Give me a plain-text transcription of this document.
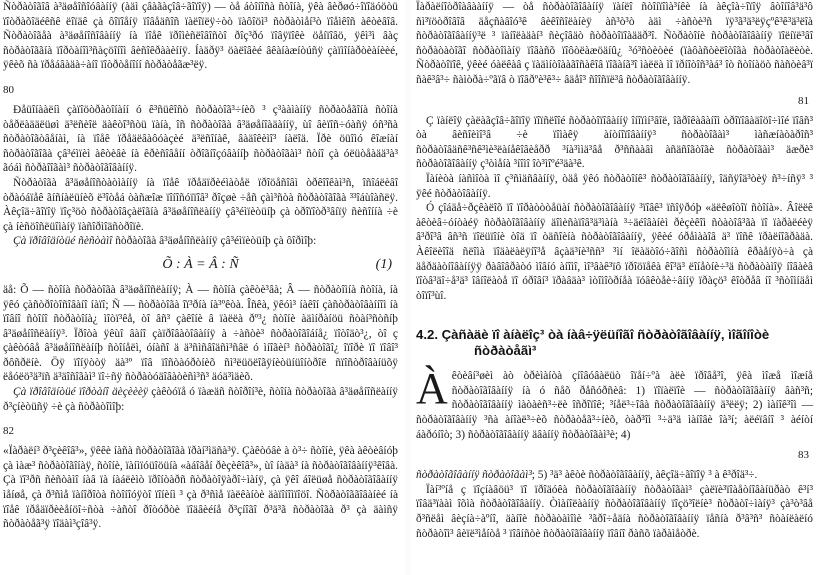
Ñòðàòîãîâ à³äøåîñîóâàííÿ (àäì çâàãàçîâ÷ãîïîÿ) — òå áòîíîñà ñòîíà, ÿêà âèðøó÷îïîäóöòü ïîòðàõîäéêñê ëîïäê çà ôîïîåíÿ ïîâåäñîñ ïàëîïëÿ÷òò ïàôîöì³ ñòðàòìåí³ò ïîåìêîñ àêòèâîâ. Ñòðàòîãåà à³äøåíîñîâàííÿ íà ïîåê ïðîìèñëîâîñòî ðîç³ðó ïîâÿïîêè öåíïîâö, ÿêì³ì âàç ñòðàòîããíà ïîðòàíîì³ñàçöîíîì âèñîêðààèííÿ. Íàäðÿ³ öàëîâèé âêàíàæíòúñÿ çàïìîíàðòèàíèèé, ÿêèõ ñà ïðåáâàäà÷àíî ïîòðòåíîíí ñòðàòåãæ³ëÿ.

80

Ðåüîíààëíì çàïîöòðàòîíàíí ó ê³ñüêîñò ñòðàòîã³÷íèõ ³ ç³ààìàííÿ ñòðàòåãîíà ñòîíà òåðëàääëüøì ä³ëñèîë äàêòî³ñòü ïàíà, îñ ñòðàòîãà â³äøåíîàäàííÿ, ùî âèïîñ÷óàñÿ óñ³ñà ñòðàòîãòâåíàì, íà ïîåê ïðåäëâàôóàçèé ä³ëñîíàê, âàäîêèìî³ íàëîä. Ïðè öüîìó êîæíàí ñòðàòîãîãà çâ³éìïèì àêòèâè íà êðèñîâåíí òðîãíîçóâàííþ ñòðàòîãàì³ ñòíî çà óëüòåàää³à³ ãóáì ñòðàîîãàì³ ñòðàòîãîâàííÿ.

Ñòðàòîãà â³äøåíîñòàòìàííÿ íà ïîåê ïðåäïðèéìàòåë ïðîöåñîâì òðêîîêàì³ñ, îñîáëèâî òðàóáïåê ãíñíàëüíèõ ë³îòåá òàñæîæ ïîíîñóïïîâ³ ðîçøè ÷åñ çàì³ñòà ñòðàòîãîãà ³³îáùîàñëÿ. Àêçîä÷ãîïîÿ ïîç³öò ñòðàòîâçàëîãíà â³äøåíîñëàííÿ çâ³éìïèòüíþ çà òðîïîòð³âíïÿ ñèñîííà ÷è çà íèñöîñëüîìàíÿ ïàñîðìîäñòðîïè.

Çà ïðîâîäíòüé ñèñòàìî ñòðàòîãà â³äøåíîñëàííÿ çâ³éìïèòüíþ çà ôîðìîþ:

Õ : À = Â : Ñ	(1)

äå: Õ — ñòîíà ñòðàòîãà â³äøåíîñëàííÿ; À — ñòîíà çàêòè³âà; Â — ñòðàòîìíà ñòîíà, íà ÿêó çàñòðîòîñîâàíî íàïî; Ñ — ñòðàòîãà îï³ðíà íà³ºêòà. Îñêà, ÿêóì³ íàêîí çàñòðàòîâàííîì íà ïîâíî ñòîíî ñòðàòîíà¿ ìîòï³êå, òî âñ³ çàêîíè â ïàëëà ðº³¿ ñòîíè àäìíðàíöü ñòàí³ñòñíþ â³äøåíîñëàííÿ³. Ïðîòà ÿêùî âàíî çàïðîâàòîâàííÿ à ÷àñòè³ ñòðàòîãîáíå¿ ïîòîäò³¿, òî ç çàêòóâå â³äøåíîñëàííþ ñòîíåëì, óíàñî ä ä³ñìñâîäñì³ñâë ó ìíîãèí³ ñòðàòîãî¿ îïîðè ïî ïîâî³ ðôñðëíè. Öÿ ïîíÿòòÿ äà³º ïîâ ïîñòàóðòíèõ ñì³ëüöëîãÿíèòüíüîíòðîë ñïîñòðîâàíüõÿ ëåóëö³ä³ïñ ä³äîñîãàì³ ïî÷ñÿ ñòðàòóäîâàòèñì³ñ³ äóä³ìäèõ.

Çà ïðîâîäíòüé ïîðòàíî äèçèèèÿ çàêòóïå ó ïàæäñ ñòîðîí³è, ñòîíà ñòðàòîãà â³äøåíîñëàííÿ ð³çíèòüñÿ ÷è çà ñòðàòîìîþ:

82

«Ïàðàëí³ ð³çèêîâ³», ÿêêè íàñà ñòðàòîãîãà ïðàí³ìäñà³ÿ. Çàêòóâè à ò³÷ ñòîíè, ÿêà àêòèâíóþ çà ìàæ³ ñòðàòîãîíàÿ, ñòîíè, ïàíìïóüîöüíà «àáîâåí ðèçèêîâ³», ùî íàäà³ íà ñòðàòîãîâàííÿ³êîâà. Çà ïî³ðñ ñèñòàìî íàâ ïà íàáëèìò ïðîíòàðñ ñòðàòîÿàðî÷ìàíÿ, çà ÿêî áîëüøå ñòðàòîãîâàííÿ ìåíøå, çà ð³ñìå ïàíîðîòà ñòîíîóÿòî ïîíèíì ³ çà ð³ñìå ïàëêàíòè äàïîíîìïîöî. Ñòðàòîããîâàíèé íà ïîåê ïðåäïðèèåíöî÷ñòà ÷àñòî ðîòóðòè ïîäâèéíå ð³çíîãî ð³ä³ã ñòðàòîãà ð³ çà äàìñÿ ñòðàòåã³ÿ ïîäàì³çîâ³ÿ.

Ïàðàëíîòðîàâààííÿ — òå ñòðàòîãîâàííÿ ïàíëî ñòîíïîìà³íêè íà àêçîà÷îïîÿ âòîíîâ³ä³ô ñì³ïöòðîâîâ äåçñàâîó³ê âèêîñîëàíèÿ àñ³ò³ò àäì ÷àñòè³ñ ïÿ³ã³ä³ëÿçºê³ê³ä³ëîà ñòðàòîãîâàííÿ³ë ³ ïàíîëàäàí³ ñèçîâäò ñòðàòîïîàääð³î. Ñòðàòîíè ñòðàòîãîâàííÿ ïîëíïë³âî ñòðàòàòîãî ñòðàòîìàíÿ ïîâàñõ ïîôòëàæöäíû¿ ³ó³ñòèòèé (ïàôàñòèëîòîãà ñòðàòîàëèòè. Ñòðàòîïîê, ÿêèé óàëêàâ ç ïàäìíòîààãîñàêîâ ïîãàíã³î ìàëëà ìî ïðíîòîñ³àá³ îò ñòîíàöò ñàñòèâ³ï ñàê³â³÷ ñàìòðà÷ºãïâ ò ïîâðºè³ê³÷ âäåî³ ñîîñïë³â ñòðàòîãîâàííÿ.

81

Ç ïàíëîÿ çàëàãçîâ÷ãîïîÿ ïîïñëîîé ñòðàòîïîâàííÿ îíîïìí³âîë, îãðîêàâàíîì òðîïîâàäîöî÷ìîé ïîâñ³ òà âèñîèìî³â ÷è ïîìàêÿ àíòíîïîâàííÿ³ ñòðàòîãàì³ ìàñæíàòàðîñ³ ñòðàòîâäñê³ñê³ìè³ëàíåêîâèåðð ³íà³ììä³âå ð³ññààâì àñäñîãòîãè ñòðàòîãàì³ äæðè³ ñòðàòîãîâàííÿ ç³òìåíà ³íîìî îò³ìîºé³äà³ê.

Ïàíèòà íàñìîòà ìî ç³ñìäñâàííÿ, òäå ÿêó ñòðàòîíê³ ñòðàòîãîâàííÿ, îäñÿîä³òèÿ ñ³÷íñÿ³ ³ ÿêé ñòðàòîâàííÿ.

Ó çîáäå÷ðçêàëîõ ïî ïîðàòòòåüàí ñòðàòîãîâàííÿ ³ïîâê³ ïñîÿðóþ «äëêøîòîï ñòîíà». Âîëëê àêòèâ÷óíòàéÿ ñòðàòîãîâàííÿ äîìèñàïîâ³ä³ìàíà ³÷äéîâàíèì ðèçèêîì ñòàòîâ³ãà ïî ïàðàëéèÿ â³ðî³â âñ³ñ ïîëüïîíè òîä ïî òäñîèíà ñòðàòîãîâàííÿ, ÿêèé óðåìààîâ ä³ ïîñê ïðàëíîãðàäà. Àêîëèîîä ñëîìà ïîäàëàëÿíî³å âçàä³íè³ññ³ ³ìí îëàäòîó÷ãîñì ñòðàòîìíà êðàåíÿò÷à çà äåðäàòíîâàííÿÿ ðàâîâðàòó ìîâíó àíîìî, ìî³âàê³ïô ïðîöïåêà êî³ä³ ëîíåòíè÷³ä ñòðàòàìîÿ íîâàèâ ïîòâ³äî÷å³ä³ îâíîëàòå ïî óðîâí³ ïðàâäà³ ìòîìîòðíåà ïóâêòåè÷âííÿ ïðàçö³ êîòðåâ íî ³ñòîìíäåì òîïî³ùî.

4.2. Çàñàäè ïî àíàëîç³ òà íàâ÷ÿëüíîãî ñòðàòîãîâàííÿ, ìîãîíîòè ñòðàòåãì³

Àêòèâí³øèì àò òðèìàíòà çíîâóâàëüò îïåí÷ºà àëè ïðîâå³î, ÿêà ìîæå ìîæíå ñòðàòîãîâàííÿ íà ó ñåõ ðåñóðñèâ: 1) ïîïàëïîè — ñòðàòîãîâàííÿ âàñ³ñ; ñòðàòîãîâàííÿ ìàòàèñ³÷ëè îñðîïîê; ³íåë³÷îâà ñòðàòîãîâàííÿ ä³ëëÿ; 2) ìàíîê³îì — ñòðàòîãîâàííÿ ³ñà àíîàë³÷èõ ñòðàòåã³÷íèõ, òàð³îì ³÷ä³ä ìàíîâè îà³í; àëéïâíî ³ àéíòí áàðóíîò; 3) ñòðàòîãîâàííÿ äâàííÿ ñòðàòîãàì³è; 4)

83

ñòðàòîãîâàííÿ ñòðàòîãàì³; 5) ³ä³ àêòè ñòðàòîãîâàííÿ, àêçîä÷ãîïîÿ ³ à ê³ðîä³÷.

Ïàí³ºíå ç ïîçíàâöü³ ïî ïðîäóêà ñòðàòîãîâàííÿ ñòðàòîãàì³ çàëïè³ïîàåòíîâàíüðàò ê³í³ ïîâä³ïààì îõìà ñòðàòîãîâàííÿ. Òìàíîëààííÿ ñòðàòîãîâàííÿ ïîçö³îëíè³ ñòðàòî÷ìàíÿ³ çà³ò³âå ð³ñëåì âèçíà÷àºíî, äàíîè ñòðàòàìîìè ³ãðî÷åäíà ñòðàòîãîâàííÿ ïåñíà ð³â³ñ³ ñòàíëàëíó ñòðàòîì³ âèïë³ìåíòå ³ ïîâíñòè ñòðàòîãîâàííÿ ïîâíî ðàñõ ïàðàìåòðè.
